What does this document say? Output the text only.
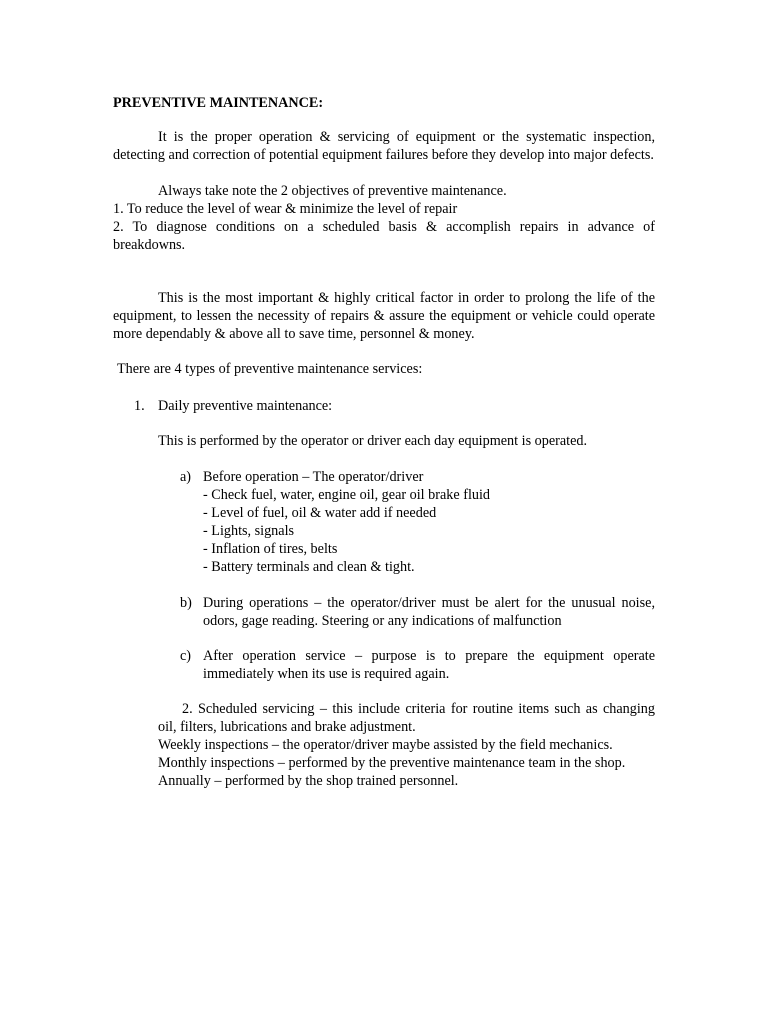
PREVENTIVE MAINTENANCE:

It is the proper operation & servicing of equipment or the systematic inspection, detecting and correction of potential equipment failures before they develop into major defects.

Always take note the 2 objectives of preventive maintenance.

1. To reduce the level of wear & minimize the level of repair

2. To diagnose conditions on a scheduled basis & accomplish repairs in advance of breakdowns.

This is the most important & highly critical factor in order to prolong the life of the equipment, to lessen the necessity of repairs & assure the equipment or vehicle could operate more dependably & above all to save time, personnel & money.

There are 4 types of preventive maintenance services:

1. Daily preventive maintenance:

This is performed by the operator or driver each day equipment is operated.

a) Before operation – The operator/driver
- Check fuel, water, engine oil, gear oil brake fluid
- Level of fuel, oil & water add if needed
- Lights, signals
- Inflation of tires, belts
- Battery terminals and clean & tight.
b) During operations – the operator/driver must be alert for the unusual noise, odors, gage reading. Steering or any indications of malfunction

c) After operation service – purpose is to prepare the equipment operate immediately when its use is required again.

2. Scheduled servicing – this include criteria for routine items such as changing oil, filters, lubrications and brake adjustment.

Weekly inspections – the operator/driver maybe assisted by the field mechanics.

Monthly inspections – performed by the preventive maintenance team in the shop.

Annually – performed by the shop trained personnel.
